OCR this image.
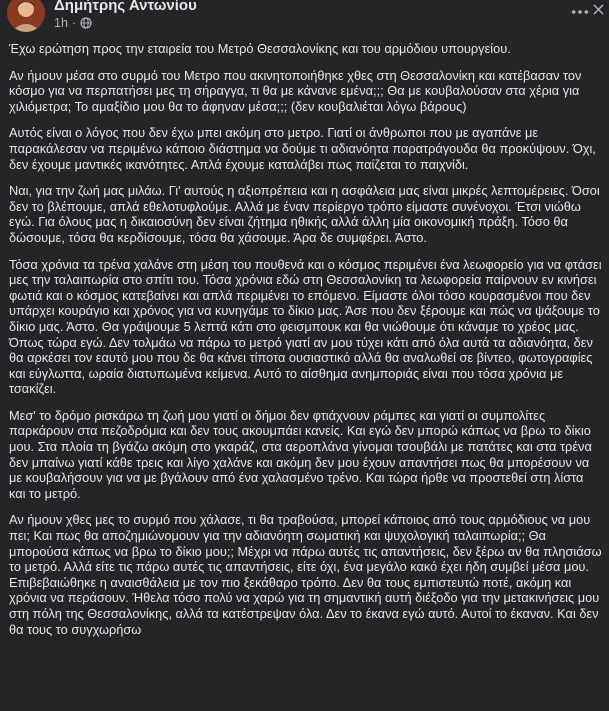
Δημήτρης Αντωνίου
1h ·

Έχω ερώτηση προς την εταιρεία του Μετρό Θεσσαλονίκης και του αρμόδιου υπουργείου.

Αν ήμουν μέσα στο συρμό του Μετρο που ακινητοποιήθηκε χθες στη Θεσσαλονίκη και κατέβασαν τον κόσμο για να περπατήσει μες τη σήραγγα, τι θα με κάνανε εμένα;;; Θα με κουβαλούσαν στα χέρια για χιλιόμετρα; Το αμαξίδιο μου θα το άφηναν μέσα;;; (δεν κουβαλιέται λόγω βάρους)

Αυτός είναι ο λόγος που δεν έχω μπει ακόμη στο μετρο. Γιατί οι άνθρωποι που με αγαπάνε με παρακάλεσαν να περιμένω κάποιο διάστημα να δούμε τι αδιανόητα παρατράγουδα θα προκύψουν. Όχι, δεν έχουμε μαντικές ικανότητες. Απλά έχουμε καταλάβει πως παίζεται το παιχνίδι.

Ναι, για την ζωή μας μιλάω. Γι' αυτούς η αξιοπρέπεια και η ασφάλεια μας είναι μικρές λεπτομέρειες. Όσοι δεν το βλέπουμε, απλά εθελοτυφλούμε. Αλλά με έναν περίεργο τρόπο είμαστε συνένοχοι. Έτσι νιώθω εγώ. Για όλους μας η δικαιοσύνη δεν είναι ζήτημα ηθικής αλλά άλλη μία οικονομική πράξη. Τόσο θα δώσουμε, τόσα θα κερδίσουμε, τόσα θα χάσουμε. Άρα δε συμφέρει. Άστο.

Τόσα χρόνια τα τρένα χαλάνε στη μέση του πουθενά και ο κόσμος περιμένει ένα λεωφορείο για να φτάσει μες την ταλαιπωρία στο σπίτι του. Τόσα χρόνια εδώ στη Θεσσαλονίκη τα λεωφορεία παίρνουν εν κινήσει φωτιά και ο κόσμος κατεβαίνει και απλά περιμένει το επόμενο. Είμαστε όλοι τόσο κουρασμένοι που δεν υπάρχει κουράγιο και χρόνος για να κυνηγάμε το δίκιο μας. Άσε που δεν ξέρουμε και πώς να ψάξουμε το δίκιο μας. Άστο. Θα γράψουμε 5 λεπτά κάτι στο φεισμπουκ και θα νιώθουμε ότι κάναμε το χρέος μας. Όπως τώρα εγώ. Δεν τολμάω να πάρω το μετρό γιατί αν μου τύχει κάτι από όλα αυτά τα αδιανόητα, δεν θα αρκέσει τον εαυτό μου που δε θα κάνει τίποτα ουσιαστικό αλλά θα αναλωθεί σε βίντεο, φωτογραφίες και εύγλωττα, ωραία διατυπωμένα κείμενα. Αυτό το αίσθημα ανημποριάς είναι που τόσα χρόνια με τσακίζει.

Μεσ' το δρόμο ρισκάρω τη ζωή μου γιατί οι δήμοι δεν φτιάχνουν ράμπες και γιατί οι συμπολίτες παρκάρουν στα πεζοδρόμια και δεν τους ακουμπάει κανείς. Και εγώ δεν μπορώ κάπως να βρω το δίκιο μου. Στα πλοία τη βγάζω ακόμη στο γκαράζ, στα αεροπλάνα γίνομαι τσουβάλι με πατάτες και στα τρένα δεν μπαίνω γιατί κάθε τρεις και λίγο χαλάνε και ακόμη δεν μου έχουν απαντήσει πως θα μπορέσουν να με κουβαλήσουν για να με βγάλουν από ένα χαλασμένο τρένο. Και τώρα ήρθε να προστεθεί στη λίστα και το μετρό.

Αν ήμουν χθες μες το συρμό που χάλασε, τι θα τραβούσα, μπορεί κάποιος από τους αρμόδιους να μου πει; Και πως θα αποζημιώνομουν για την αδιανόητη σωματική και ψυχολογική ταλαιπωρία;; Θα μπορούσα κάπως να βρω το δίκιο μου;; Μέχρι να πάρω αυτές τις απαντήσεις, δεν ξέρω αν θα πλησιάσω το μετρό. Αλλά είτε τις πάρω αυτές τις απαντήσεις, είτε όχι, ένα μεγάλο κακό έχει ήδη συμβεί μέσα μου. Επιβεβαιώθηκε η αναισθάλεια με τον πιο ξεκάθαρο τρόπο. Δεν θα τους εμπιστευτώ ποτέ, ακόμη και χρόνια να περάσουν. Ήθελα τόσο πολύ να χαρώ για τη σημαντική αυτή διέξοδο για την μετακινήσεις μου στη πόλη της Θεσσαλονίκης, αλλά τα κατέστρεψαν όλα. Δεν το έκανα εγώ αυτό. Αυτοί το έκαναν. Και δεν θα τους το συγχωρήσω
